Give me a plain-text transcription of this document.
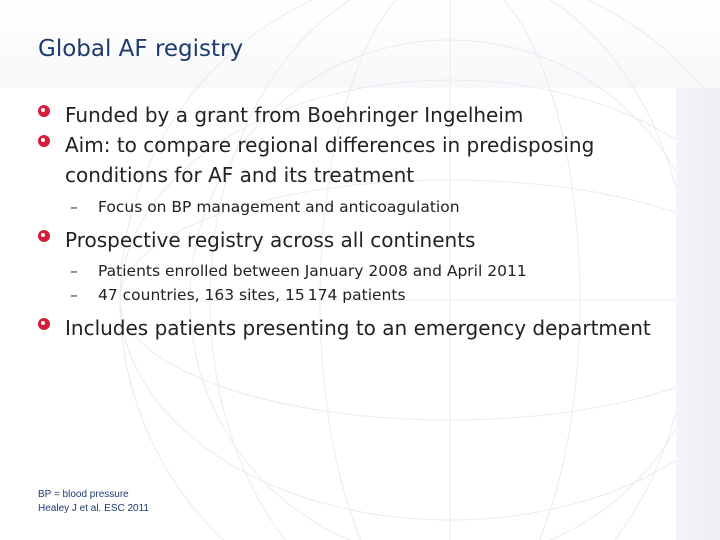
Global AF registry
Funded by a grant from Boehringer Ingelheim
Aim: to compare regional differences in predisposing conditions for AF and its treatment
– Focus on BP management and anticoagulation
Prospective registry across all continents
– Patients enrolled between January 2008 and April 2011
– 47 countries, 163 sites, 15 174 patients
Includes patients presenting to an emergency department
BP = blood pressure
Healey J et al. ESC 2011
